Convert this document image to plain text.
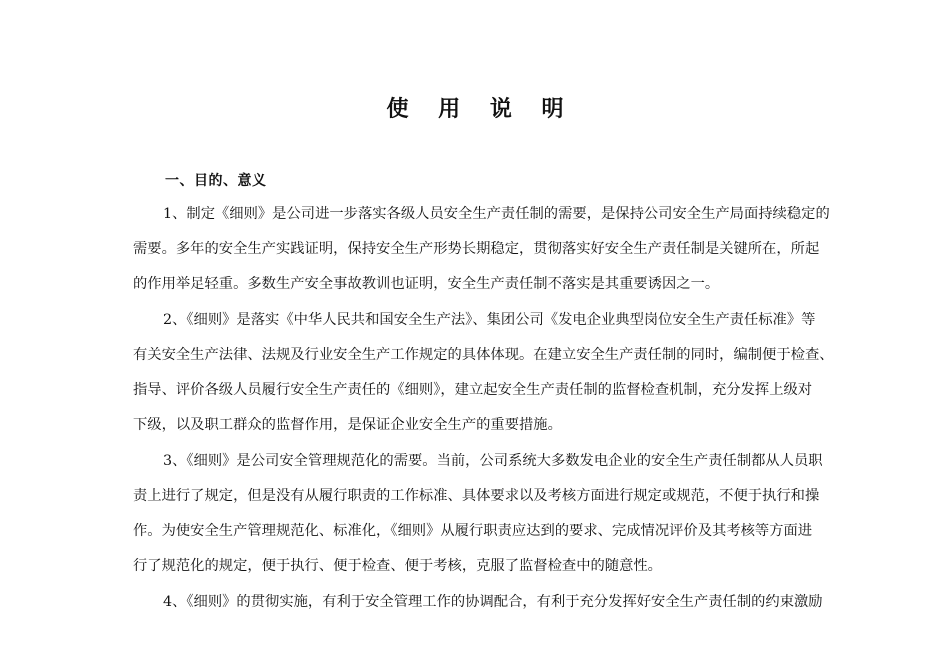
使 用 说 明
一、目的、意义
1、制定《细则》是公司进一步落实各级人员安全生产责任制的需要，是保持公司安全生产局面持续稳定的
需要。多年的安全生产实践证明，保持安全生产形势长期稳定，贯彻落实好安全生产责任制是关键所在，所起
的作用举足轻重。多数生产安全事故教训也证明，安全生产责任制不落实是其重要诱因之一。
2、《细则》是落实《中华人民共和国安全生产法》、集团公司《发电企业典型岗位安全生产责任标准》等
有关安全生产法律、法规及行业安全生产工作规定的具体体现。在建立安全生产责任制的同时，编制便于检查、
指导、评价各级人员履行安全生产责任的《细则》，建立起安全生产责任制的监督检查机制，充分发挥上级对
下级，以及职工群众的监督作用，是保证企业安全生产的重要措施。
3、《细则》是公司安全管理规范化的需要。当前，公司系统大多数发电企业的安全生产责任制都从人员职
责上进行了规定，但是没有从履行职责的工作标准、具体要求以及考核方面进行规定或规范，不便于执行和操
作。为使安全生产管理规范化、标准化，《细则》从履行职责应达到的要求、完成情况评价及其考核等方面进
行了规范化的规定，便于执行、便于检查、便于考核，克服了监督检查中的随意性。
4、《细则》的贯彻实施，有利于安全管理工作的协调配合，有利于充分发挥好安全生产责任制的约束激励
